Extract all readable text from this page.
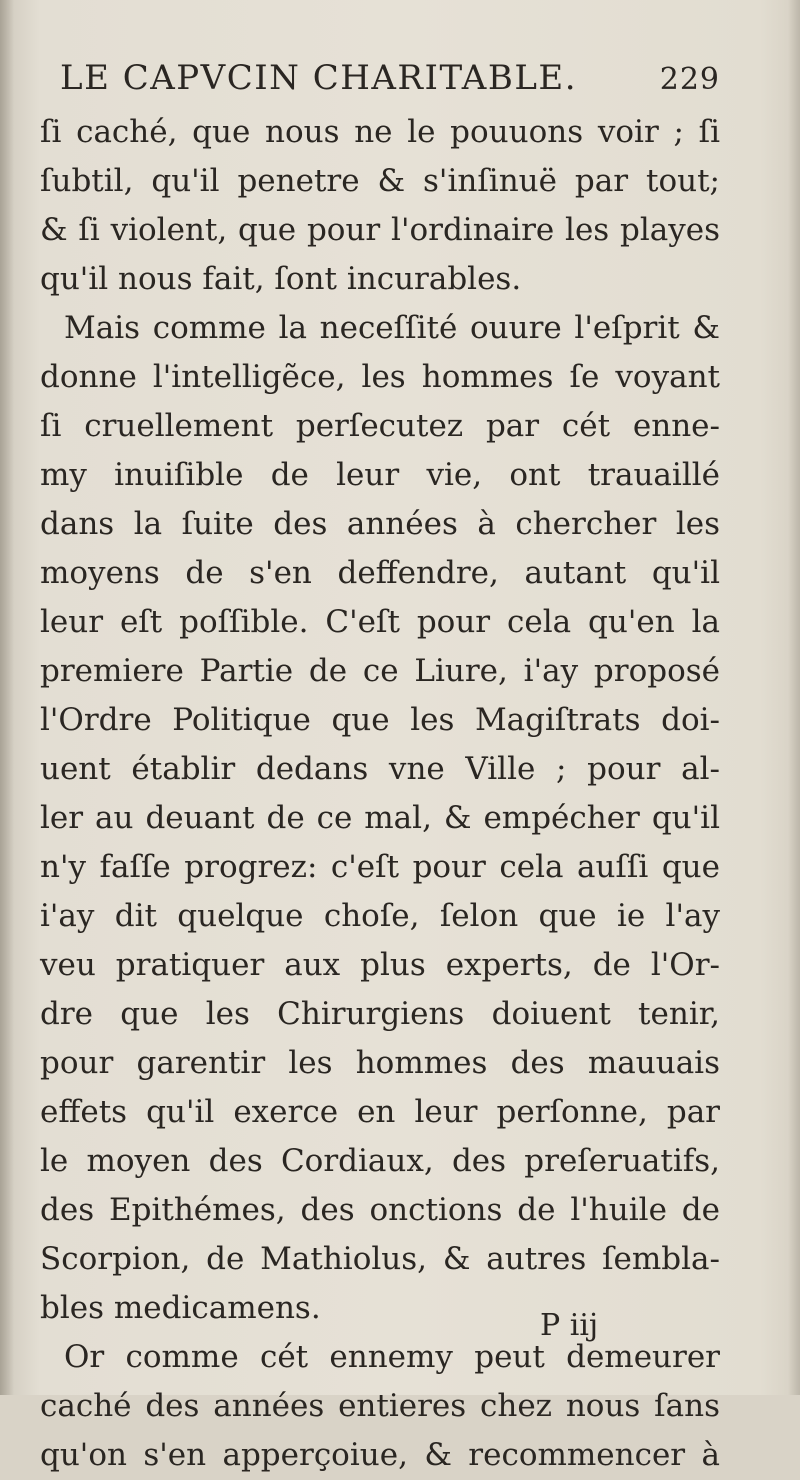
LE CAPVCIN CHARITABLE.	229
ſi caché, que nous ne le pouuons voir ; ſi
ſubtil, qu'il penetre & s'inſinuë par tout;
& ſi violent, que pour l'ordinaire les playes
qu'il nous fait, ſont incurables.
Mais comme la neceſſité ouure l'eſprit &
donne l'intelligẽce, les hommes ſe voyant
ſi cruellement perſecutez par cét enne-
my inuiſible de leur vie, ont trauaillé
dans la ſuite des années à chercher les
moyens de s'en deffendre, autant qu'il
leur eſt poſſible. C'eſt pour cela qu'en la
premiere Partie de ce Liure, i'ay proposé
l'Ordre Politique que les Magiſtrats doi-
uent établir dedans vne Ville ; pour al-
ler au deuant de ce mal, & empécher qu'il
n'y faſſe progrez: c'eſt pour cela auſſi que
i'ay dit quelque choſe, ſelon que ie l'ay
veu pratiquer aux plus experts, de l'Or-
dre que les Chirurgiens doiuent tenir,
pour garentir les hommes des mauuais
effets qu'il exerce en leur perſonne, par
le moyen des Cordiaux, des preſeruatifs,
des Epithémes, des onctions de l'huile de
Scorpion, de Mathiolus, & autres ſembla-
bles medicamens.
Or comme cét ennemy peut demeurer
caché des années entieres chez nous ſans
qu'on s'en apperçoiue, & recommencer à
P iij
